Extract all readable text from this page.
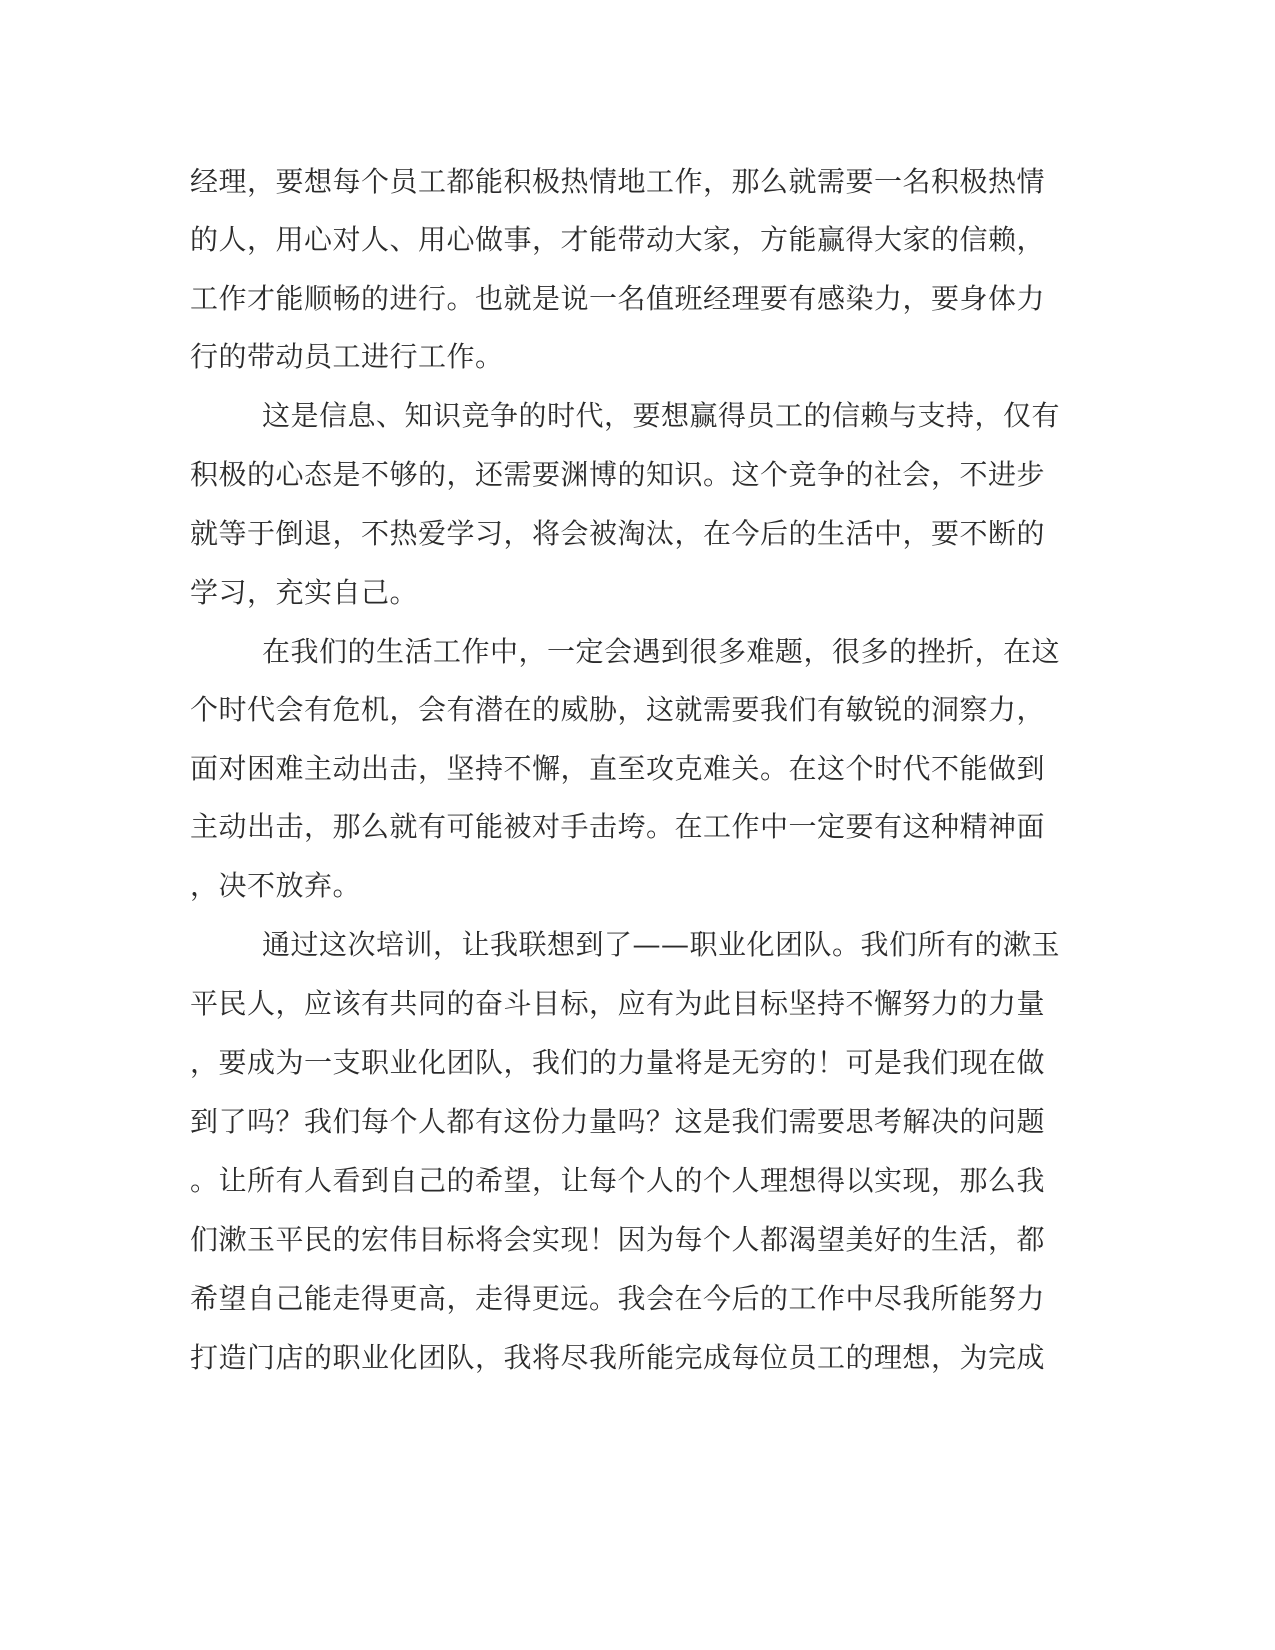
经理，要想每个员工都能积极热情地工作，那么就需要一名积极热情
的人，用心对人、用心做事，才能带动大家，方能赢得大家的信赖，
工作才能顺畅的进行。也就是说一名值班经理要有感染力，要身体力
行的带动员工进行工作。
这是信息、知识竞争的时代，要想赢得员工的信赖与支持，仅有
积极的心态是不够的，还需要渊博的知识。这个竞争的社会，不进步
就等于倒退，不热爱学习，将会被淘汰，在今后的生活中，要不断的
学习，充实自己。
在我们的生活工作中，一定会遇到很多难题，很多的挫折，在这
个时代会有危机，会有潜在的威胁，这就需要我们有敏锐的洞察力，
面对困难主动出击，坚持不懈，直至攻克难关。在这个时代不能做到
主动出击，那么就有可能被对手击垮。在工作中一定要有这种精神面
，决不放弃。
通过这次培训，让我联想到了——职业化团队。我们所有的漱玉
平民人，应该有共同的奋斗目标，应有为此目标坚持不懈努力的力量
，要成为一支职业化团队，我们的力量将是无穷的！可是我们现在做
到了吗？我们每个人都有这份力量吗？这是我们需要思考解决的问题
。让所有人看到自己的希望，让每个人的个人理想得以实现，那么我
们漱玉平民的宏伟目标将会实现！因为每个人都渴望美好的生活，都
希望自己能走得更高，走得更远。我会在今后的工作中尽我所能努力
打造门店的职业化团队，我将尽我所能完成每位员工的理想，为完成
